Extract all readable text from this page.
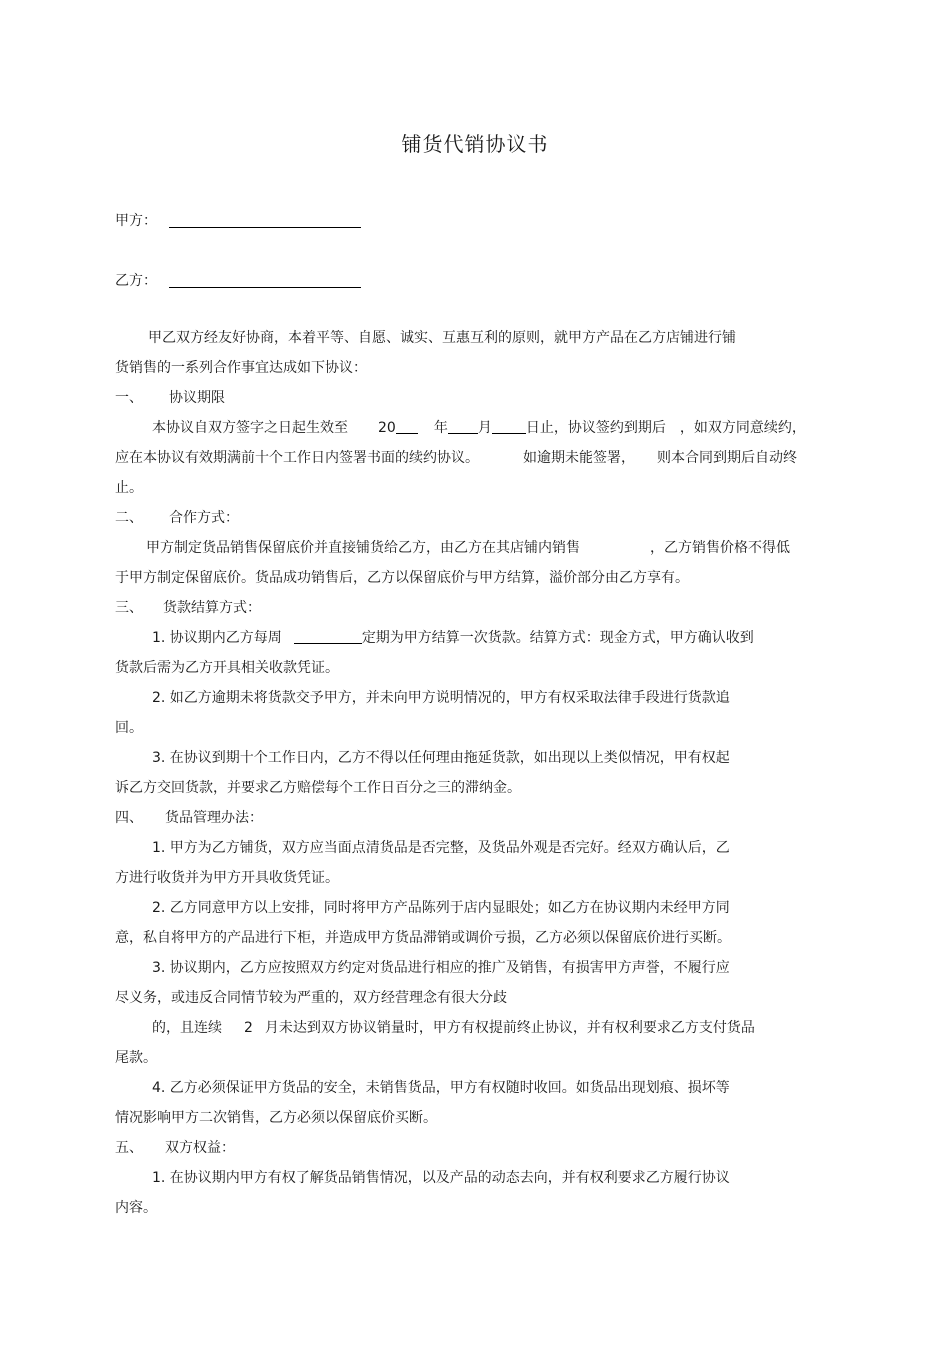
铺货代销协议书
甲方：
乙方：
甲乙双方经友好协商，本着平等、自愿、诚实、互惠互利的原则，就甲方产品在乙方店铺进行铺
货销售的一系列合作事宜达成如下协议：
一、 协议期限
本协议自双方签字之日起生效至 20	年 月 日止，协议签约到期后 ，如双方同意续约，
应在本协议有效期满前十个工作日内签署书面的续约协议。	如逾期未能签署， 则本合同到期后自动终
止。
二、 合作方式：
甲方制定货品销售保留底价并直接铺货给乙方，由乙方在其店铺内销售	，乙方销售价格不得低
于甲方制定保留底价。货品成功销售后，乙方以保留底价与甲方结算，溢价部分由乙方享有。
三、 货款结算方式：
1. 协议期内乙方每周	定期为甲方结算一次货款。结算方式：现金方式，甲方确认收到
货款后需为乙方开具相关收款凭证。
2. 如乙方逾期未将货款交予甲方，并未向甲方说明情况的，甲方有权采取法律手段进行货款追
回。
3. 在协议到期十个工作日内，乙方不得以任何理由拖延货款，如出现以上类似情况，甲有权起
诉乙方交回货款，并要求乙方赔偿每个工作日百分之三的滞纳金。
四、 货品管理办法：
1. 甲方为乙方铺货，双方应当面点清货品是否完整，及货品外观是否完好。经双方确认后，乙
方进行收货并为甲方开具收货凭证。
2. 乙方同意甲方以上安排，同时将甲方产品陈列于店内显眼处；如乙方在协议期内未经甲方同
意，私自将甲方的产品进行下柜，并造成甲方货品滞销或调价亏损，乙方必须以保留底价进行买断。
3. 协议期内，乙方应按照双方约定对货品进行相应的推广及销售，有损害甲方声誉，不履行应
尽义务，或违反合同情节较为严重的，双方经营理念有很大分歧
的，且连续 2 月未达到双方协议销量时，甲方有权提前终止协议，并有权利要求乙方支付货品
尾款。
4. 乙方必须保证甲方货品的安全，未销售货品，甲方有权随时收回。如货品出现划痕、损坏等
情况影响甲方二次销售，乙方必须以保留底价买断。
五、 双方权益：
1. 在协议期内甲方有权了解货品销售情况，以及产品的动态去向，并有权利要求乙方履行协议
内容。
